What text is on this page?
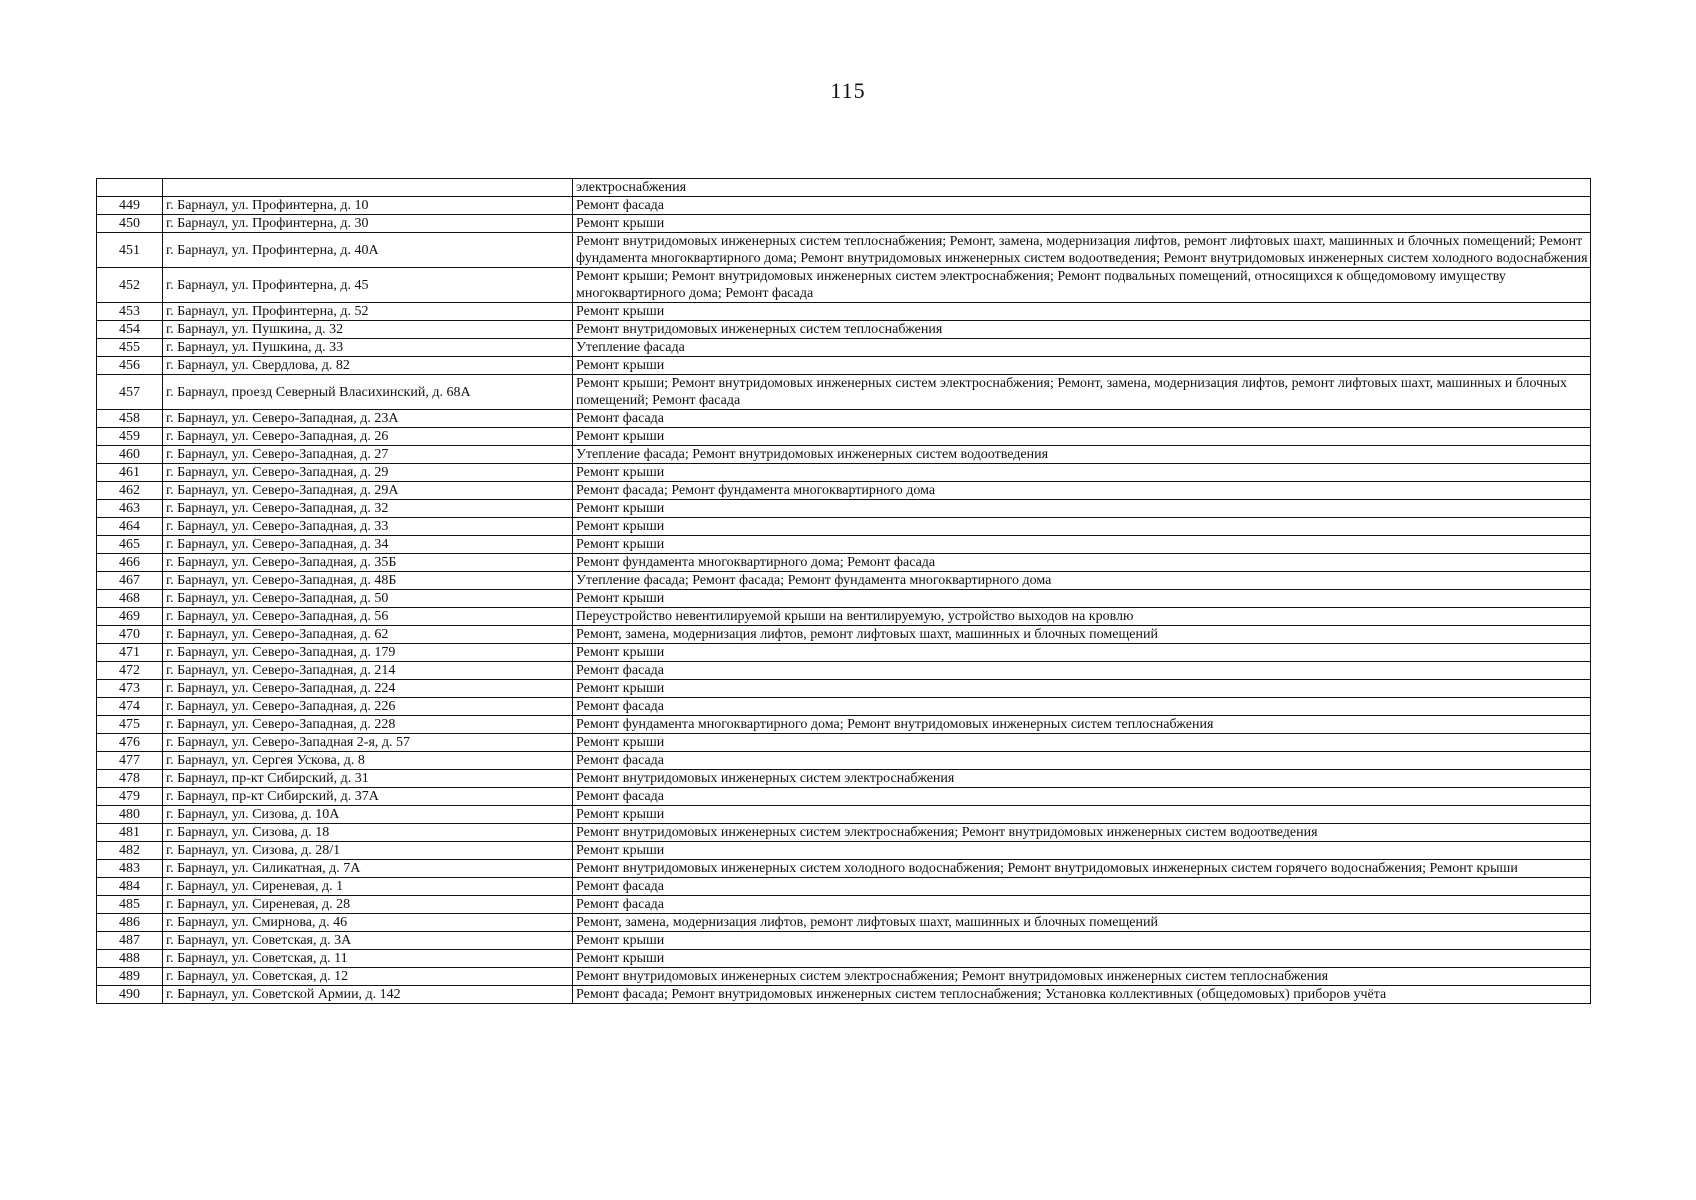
115
		электроснабжения
449	г. Барнаул, ул. Профинтерна, д. 10	Ремонт фасада
450	г. Барнаул, ул. Профинтерна, д. 30	Ремонт крыши
451	г. Барнаул, ул. Профинтерна, д. 40А	Ремонт внутридомовых инженерных систем теплоснабжения; Ремонт, замена, модернизация лифтов, ремонт лифтовых шахт, машинных и блочных помещений; Ремонт фундамента многоквартирного дома; Ремонт внутридомовых инженерных систем водоотведения; Ремонт внутридомовых инженерных систем холодного водоснабжения
452	г. Барнаул, ул. Профинтерна, д. 45	Ремонт крыши; Ремонт внутридомовых инженерных систем электроснабжения; Ремонт подвальных помещений, относящихся к общедомовому имуществу многоквартирного дома; Ремонт фасада
453	г. Барнаул, ул. Профинтерна, д. 52	Ремонт крыши
454	г. Барнаул, ул. Пушкина, д. 32	Ремонт внутридомовых инженерных систем теплоснабжения
455	г. Барнаул, ул. Пушкина, д. 33	Утепление фасада
456	г. Барнаул, ул. Свердлова, д. 82	Ремонт крыши
457	г. Барнаул, проезд Северный Власихинский, д. 68А	Ремонт крыши; Ремонт внутридомовых инженерных систем электроснабжения; Ремонт, замена, модернизация лифтов, ремонт лифтовых шахт, машинных и блочных помещений; Ремонт фасада
458	г. Барнаул, ул. Северо-Западная, д. 23А	Ремонт фасада
459	г. Барнаул, ул. Северо-Западная, д. 26	Ремонт крыши
460	г. Барнаул, ул. Северо-Западная, д. 27	Утепление фасада; Ремонт внутридомовых инженерных систем водоотведения
461	г. Барнаул, ул. Северо-Западная, д. 29	Ремонт крыши
462	г. Барнаул, ул. Северо-Западная, д. 29А	Ремонт фасада; Ремонт фундамента многоквартирного дома
463	г. Барнаул, ул. Северо-Западная, д. 32	Ремонт крыши
464	г. Барнаул, ул. Северо-Западная, д. 33	Ремонт крыши
465	г. Барнаул, ул. Северо-Западная, д. 34	Ремонт крыши
466	г. Барнаул, ул. Северо-Западная, д. 35Б	Ремонт фундамента многоквартирного дома; Ремонт фасада
467	г. Барнаул, ул. Северо-Западная, д. 48Б	Утепление фасада; Ремонт фасада; Ремонт фундамента многоквартирного дома
468	г. Барнаул, ул. Северо-Западная, д. 50	Ремонт крыши
469	г. Барнаул, ул. Северо-Западная, д. 56	Переустройство невентилируемой крыши на вентилируемую, устройство выходов на кровлю
470	г. Барнаул, ул. Северо-Западная, д. 62	Ремонт, замена, модернизация лифтов, ремонт лифтовых шахт, машинных и блочных помещений
471	г. Барнаул, ул. Северо-Западная, д. 179	Ремонт крыши
472	г. Барнаул, ул. Северо-Западная, д. 214	Ремонт фасада
473	г. Барнаул, ул. Северо-Западная, д. 224	Ремонт крыши
474	г. Барнаул, ул. Северо-Западная, д. 226	Ремонт фасада
475	г. Барнаул, ул. Северо-Западная, д. 228	Ремонт фундамента многоквартирного дома; Ремонт внутридомовых инженерных систем теплоснабжения
476	г. Барнаул, ул. Северо-Западная 2-я, д. 57	Ремонт крыши
477	г. Барнаул, ул. Сергея Ускова, д. 8	Ремонт фасада
478	г. Барнаул, пр-кт Сибирский, д. 31	Ремонт внутридомовых инженерных систем электроснабжения
479	г. Барнаул, пр-кт Сибирский, д. 37А	Ремонт фасада
480	г. Барнаул, ул. Сизова, д. 10А	Ремонт крыши
481	г. Барнаул, ул. Сизова, д. 18	Ремонт внутридомовых инженерных систем электроснабжения; Ремонт внутридомовых инженерных систем водоотведения
482	г. Барнаул, ул. Сизова, д. 28/1	Ремонт крыши
483	г. Барнаул, ул. Силикатная, д. 7А	Ремонт внутридомовых инженерных систем холодного водоснабжения; Ремонт внутридомовых инженерных систем горячего водоснабжения; Ремонт крыши
484	г. Барнаул, ул. Сиреневая, д. 1	Ремонт фасада
485	г. Барнаул, ул. Сиреневая, д. 28	Ремонт фасада
486	г. Барнаул, ул. Смирнова, д. 46	Ремонт, замена, модернизация лифтов, ремонт лифтовых шахт, машинных и блочных помещений
487	г. Барнаул, ул. Советская, д. 3А	Ремонт крыши
488	г. Барнаул, ул. Советская, д. 11	Ремонт крыши
489	г. Барнаул, ул. Советская, д. 12	Ремонт внутридомовых инженерных систем электроснабжения; Ремонт внутридомовых инженерных систем теплоснабжения
490	г. Барнаул, ул. Советской Армии, д. 142	Ремонт фасада; Ремонт внутридомовых инженерных систем теплоснабжения; Установка коллективных (общедомовых) приборов учёта
